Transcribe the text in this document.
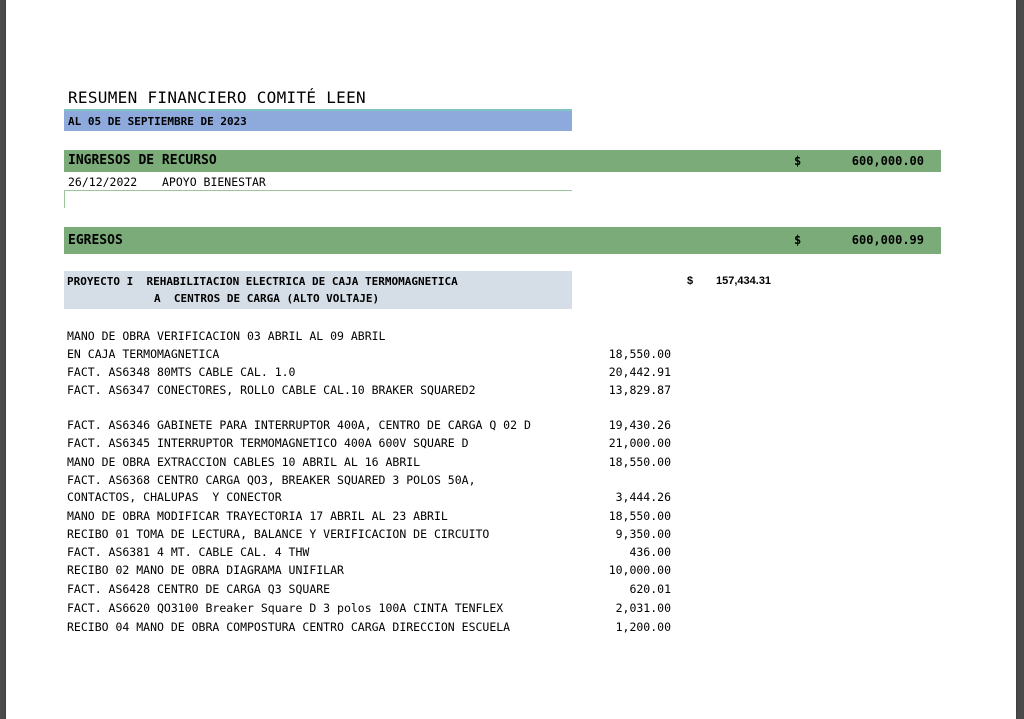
RESUMEN FINANCIERO COMITÉ LEEN
AL 05 DE SEPTIEMBRE DE 2023
INGRESOS DE RECURSO	$	600,000.00
26/12/2022 APOYO BIENESTAR
EGRESOS	$	600,000.99
PROYECTO I  REHABILITACION ELECTRICA DE CAJA TERMOMAGNETICA
A  CENTROS DE CARGA (ALTO VOLTAJE)
$ 157,434.31
MANO DE OBRA VERIFICACION 03 ABRIL AL 09 ABRIL
EN CAJA TERMOMAGNETICA	18,550.00
FACT. AS6348 80MTS CABLE CAL. 1.0	20,442.91
FACT. AS6347 CONECTORES, ROLLO CABLE CAL.10 BRAKER SQUARED2	13,829.87
FACT. AS6346 GABINETE PARA INTERRUPTOR 400A, CENTRO DE CARGA Q 02 D	19,430.26
FACT. AS6345 INTERRUPTOR TERMOMAGNETICO 400A 600V SQUARE D	21,000.00
MANO DE OBRA EXTRACCION CABLES 10 ABRIL AL 16 ABRIL	18,550.00
FACT. AS6368 CENTRO CARGA QO3, BREAKER SQUARED 3 POLOS 50A,
CONTACTOS, CHALUPAS  Y CONECTOR	3,444.26
MANO DE OBRA MODIFICAR TRAYECTORIA 17 ABRIL AL 23 ABRIL	18,550.00
RECIBO 01 TOMA DE LECTURA, BALANCE Y VERIFICACION DE CIRCUITO	9,350.00
FACT. AS6381 4 MT. CABLE CAL. 4 THW	436.00
RECIBO 02 MANO DE OBRA DIAGRAMA UNIFILAR	10,000.00
FACT. AS6428 CENTRO DE CARGA Q3 SQUARE	620.01
FACT. AS6620 QO3100 Breaker Square D 3 polos 100A CINTA TENFLEX	2,031.00
RECIBO 04 MANO DE OBRA COMPOSTURA CENTRO CARGA DIRECCION ESCUELA	1,200.00
